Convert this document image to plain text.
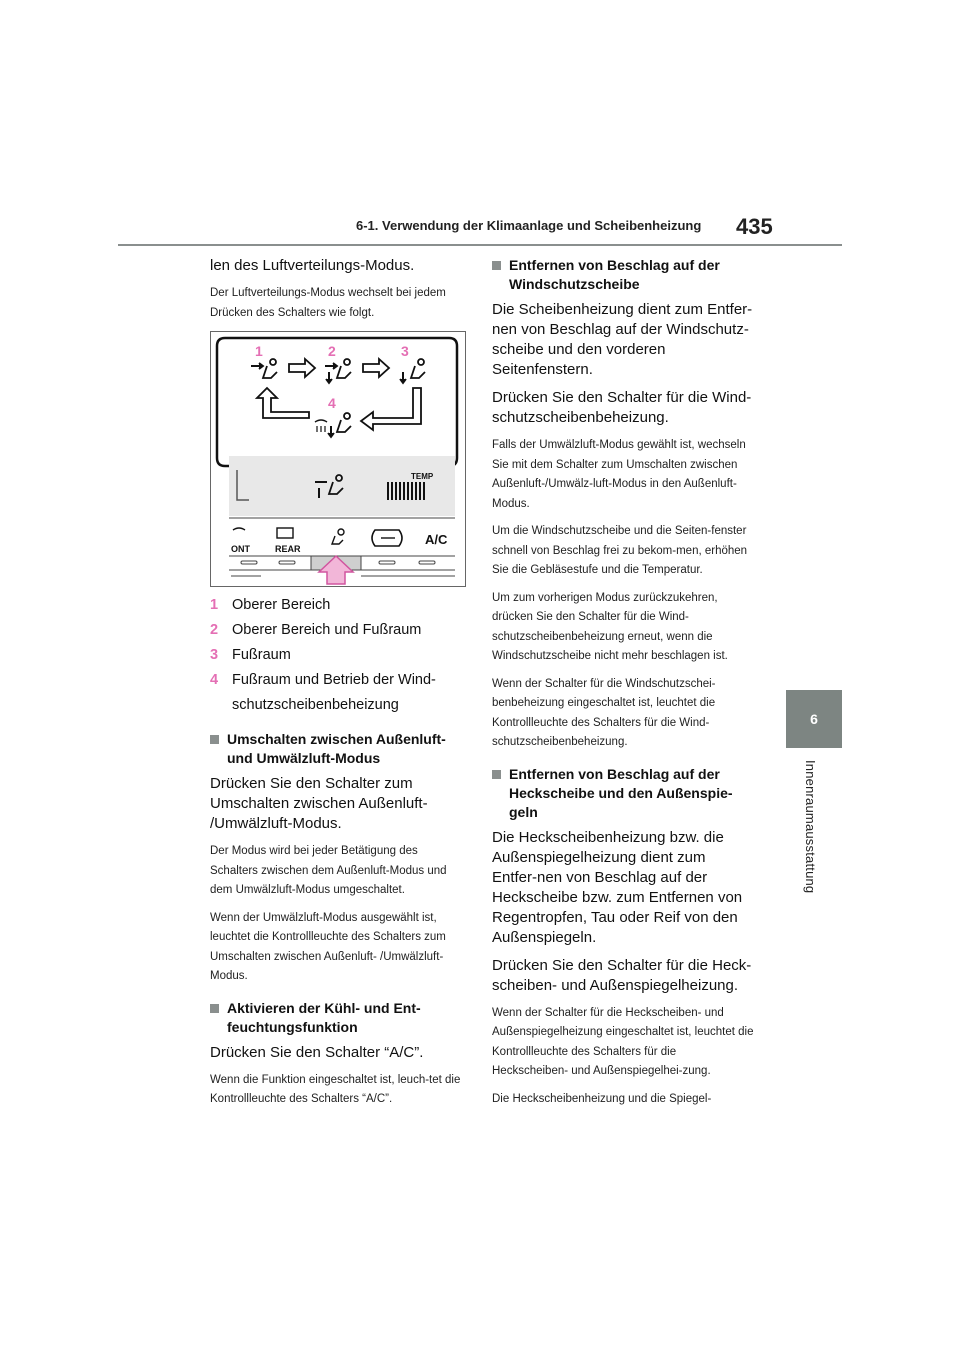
6-1. Verwendung der Klimaanlage und Scheibenheizung 435
6
Innenraumausstattung

len des Luftverteilungs-Modus.

Der Luftverteilungs-Modus wechselt bei jedem Drücken des Schalters wie folgt.

1	2	3
4
TEMP
ONT	REAR
A/C
1 Oberer Bereich
2 Oberer Bereich und Fußraum
3 Fußraum
4 Fußraum und Betrieb der Wind-schutzscheibenbeheizung
Umschalten zwischen Außenluft- und Umwälzluft-Modus

Drücken Sie den Schalter zum Umschalten zwischen Außenluft- /Umwälzluft-Modus.

Der Modus wird bei jeder Betätigung des Schalters zwischen dem Außenluft-Modus und dem Umwälzluft-Modus umgeschaltet.

Wenn der Umwälzluft-Modus ausgewählt ist, leuchtet die Kontrollleuchte des Schalters zum Umschalten zwischen Außenluft- /Umwälzluft-Modus.

Aktivieren der Kühl- und Ent-feuchtungsfunktion

Drücken Sie den Schalter “A/C”.

Wenn die Funktion eingeschaltet ist, leuch-tet die Kontrollleuchte des Schalters “A/C”.

Entfernen von Beschlag auf der Windschutzscheibe

Die Scheibenheizung dient zum Entfer-nen von Beschlag auf der Windschutz-scheibe und den vorderen Seitenfenstern.

Drücken Sie den Schalter für die Wind-schutzscheibenbeheizung.

Falls der Umwälzluft-Modus gewählt ist, wechseln Sie mit dem Schalter zum Umschalten zwischen Außenluft-/Umwälz-luft-Modus in den Außenluft-Modus.

Um die Windschutzscheibe und die Seiten-fenster schnell von Beschlag frei zu bekom-men, erhöhen Sie die Gebläsestufe und die Temperatur.

Um zum vorherigen Modus zurückzukehren, drücken Sie den Schalter für die Wind-schutzscheibenbeheizung erneut, wenn die Windschutzscheibe nicht mehr beschlagen ist.

Wenn der Schalter für die Windschutzschei-benbeheizung eingeschaltet ist, leuchtet die Kontrollleuchte des Schalters für die Wind-schutzscheibenbeheizung.

Entfernen von Beschlag auf der Heckscheibe und den Außenspie-geln

Die Heckscheibenheizung bzw. die Außenspiegelheizung dient zum Entfer-nen von Beschlag auf der Heckscheibe bzw. zum Entfernen von Regentropfen, Tau oder Reif von den Außenspiegeln.

Drücken Sie den Schalter für die Heck-scheiben- und Außenspiegelheizung.

Wenn der Schalter für die Heckscheiben- und Außenspiegelheizung eingeschaltet ist, leuchtet die Kontrollleuchte des Schalters für die Heckscheiben- und Außenspiegelhei-zung.

Die Heckscheibenheizung und die Spiegel-
